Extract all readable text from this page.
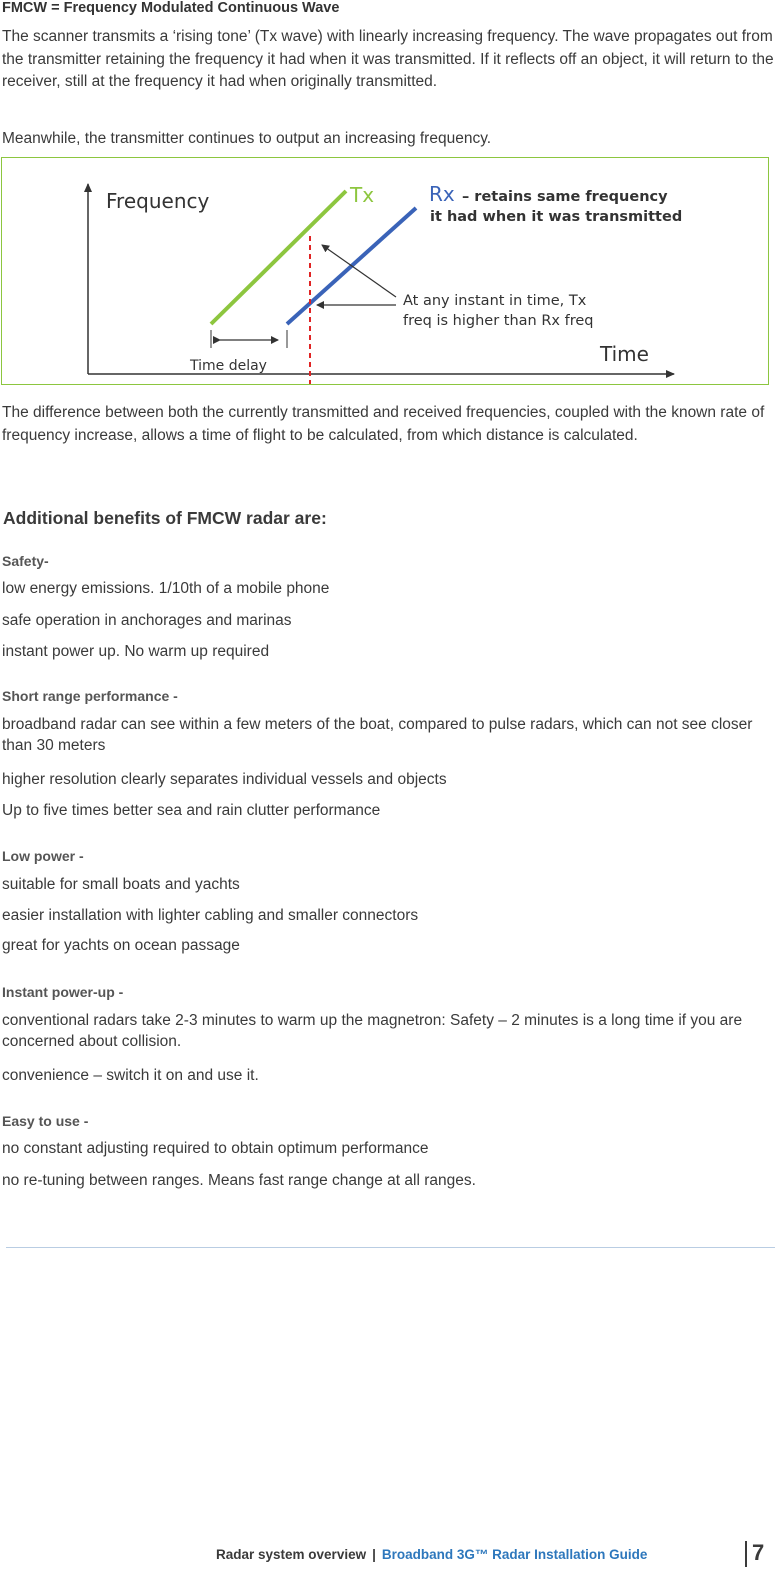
FMCW = Frequency Modulated Continuous Wave

The scanner transmits a ‘rising tone’ (Tx wave) with linearly increasing frequency. The wave propagates out from the transmitter retaining the frequency it had when it was transmitted. If it reflects off an object, it will return to the receiver, still at the frequency it had when originally transmitted.

Meanwhile, the transmitter continues to output an increasing frequency.

Frequency
Time
Tx	Rx – retains same frequency
it had when it was transmitted
At any instant in time, Tx
freq is higher than Rx freq
Time delay

The difference between both the currently transmitted and received frequencies, coupled with the known rate of frequency increase, allows a time of flight to be calculated, from which distance is calculated.

Additional benefits of FMCW radar are:
Safety-

low energy emissions. 1/10th of a mobile phone

safe operation in anchorages and marinas

instant power up. No warm up required

Short range performance -

broadband radar can see within a few meters of the boat, compared to pulse radars, which can not see closer than 30 meters

higher resolution clearly separates individual vessels and objects

Up to five times better sea and rain clutter performance

Low power -

suitable for small boats and yachts

easier installation with lighter cabling and smaller connectors

great for yachts on ocean passage

Instant power-up -

conventional radars take 2-3 minutes to warm up the magnetron: Safety – 2 minutes is a long time if you are concerned about collision.

convenience – switch it on and use it.

Easy to use -

no constant adjusting required to obtain optimum performance

no re-tuning between ranges. Means fast range change at all ranges.

Radar system overview | Broadband 3G™ Radar Installation Guide	7
